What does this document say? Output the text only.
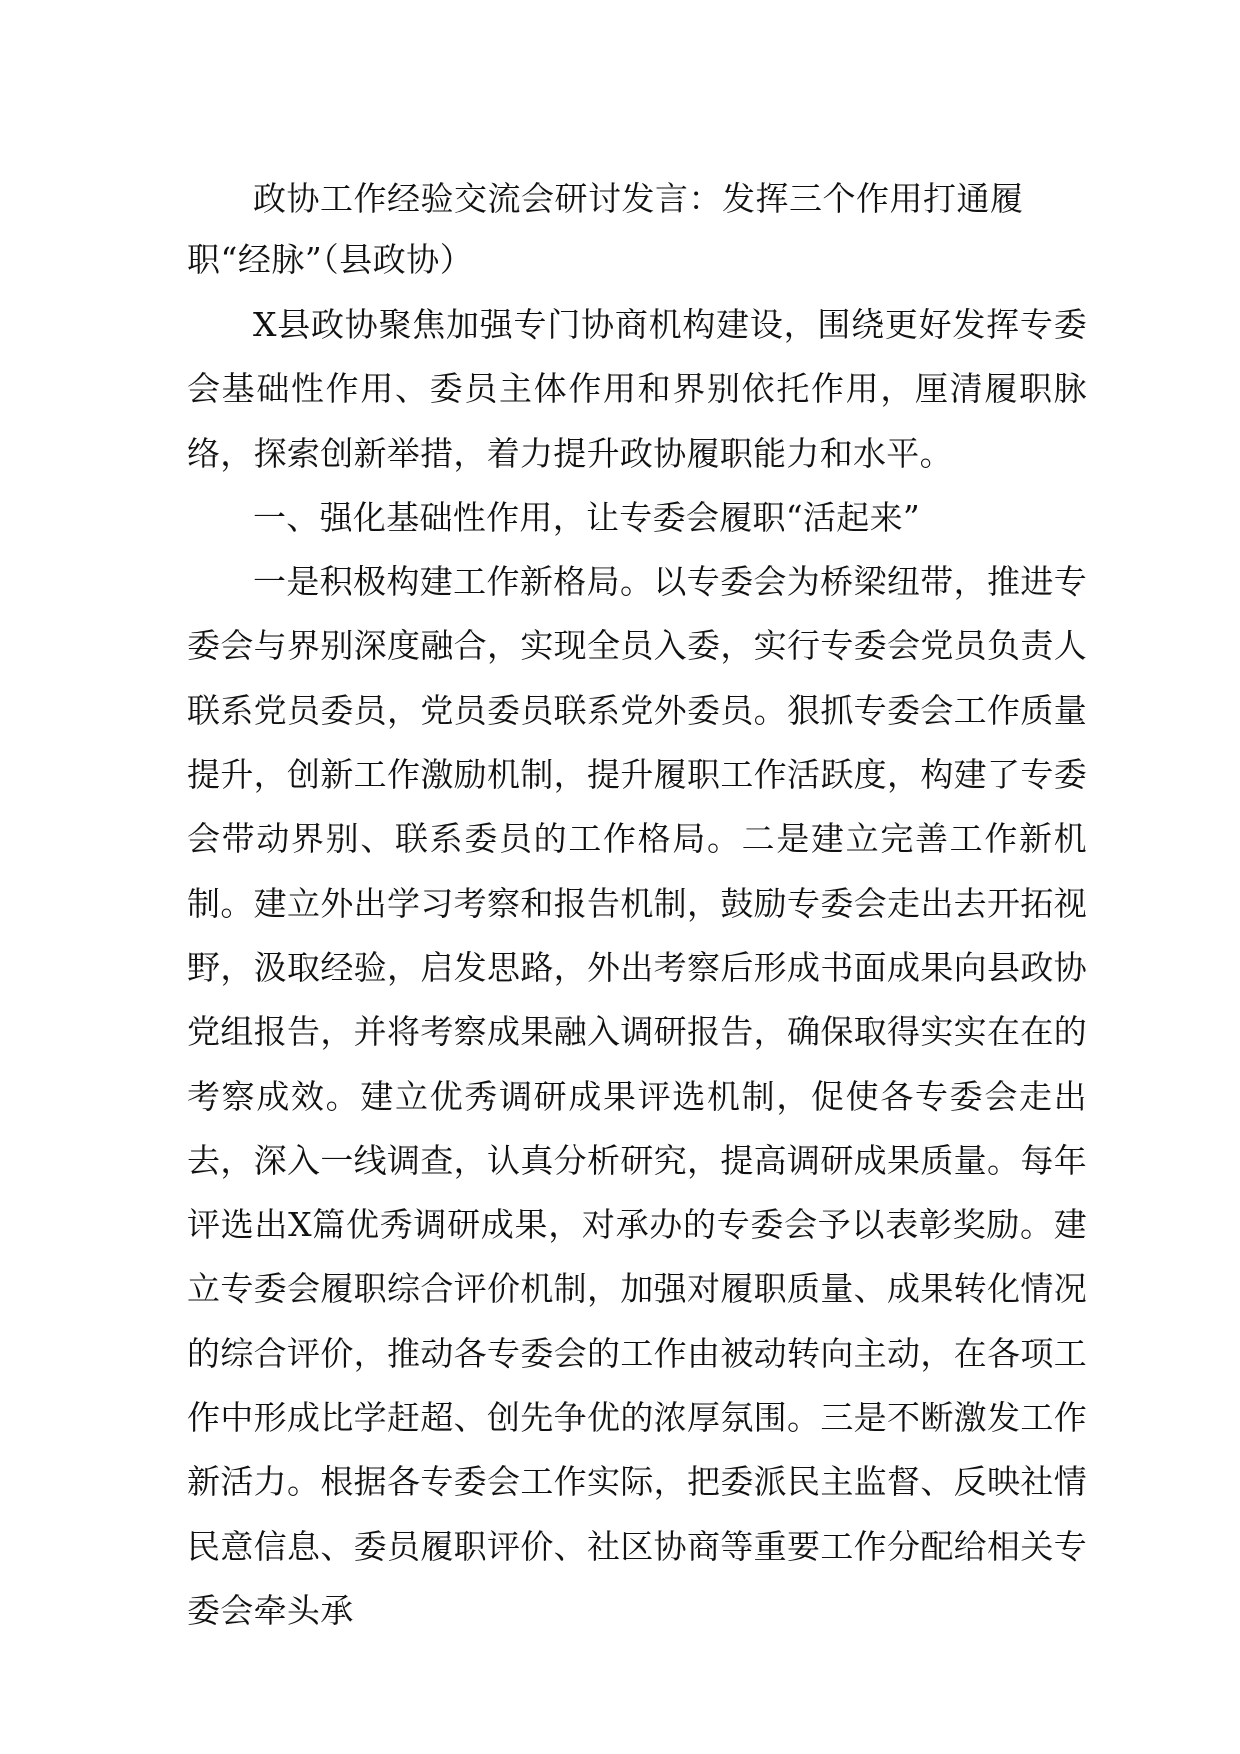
政协工作经验交流会研讨发言：发挥三个作用打通履职“经脉”（县政协）

X县政协聚焦加强专门协商机构建设，围绕更好发挥专委会基础性作用、委员主体作用和界别依托作用，厘清履职脉络，探索创新举措，着力提升政协履职能力和水平。

一、强化基础性作用，让专委会履职“活起来”

一是积极构建工作新格局。以专委会为桥梁纽带，推进专委会与界别深度融合，实现全员入委，实行专委会党员负责人联系党员委员，党员委员联系党外委员。狠抓专委会工作质量提升，创新工作激励机制，提升履职工作活跃度，构建了专委会带动界别、联系委员的工作格局。二是建立完善工作新机制。建立外出学习考察和报告机制，鼓励专委会走出去开拓视野，汲取经验，启发思路，外出考察后形成书面成果向县政协党组报告，并将考察成果融入调研报告，确保取得实实在在的考察成效。建立优秀调研成果评选机制，促使各专委会走出去，深入一线调查，认真分析研究，提高调研成果质量。每年评选出X篇优秀调研成果，对承办的专委会予以表彰奖励。建立专委会履职综合评价机制，加强对履职质量、成果转化情况的综合评价，推动各专委会的工作由被动转向主动，在各项工作中形成比学赶超、创先争优的浓厚氛围。三是不断激发工作新活力。根据各专委会工作实际，把委派民主监督、反映社情民意信息、委员履职评价、社区协商等重要工作分配给相关专委会牵头承
